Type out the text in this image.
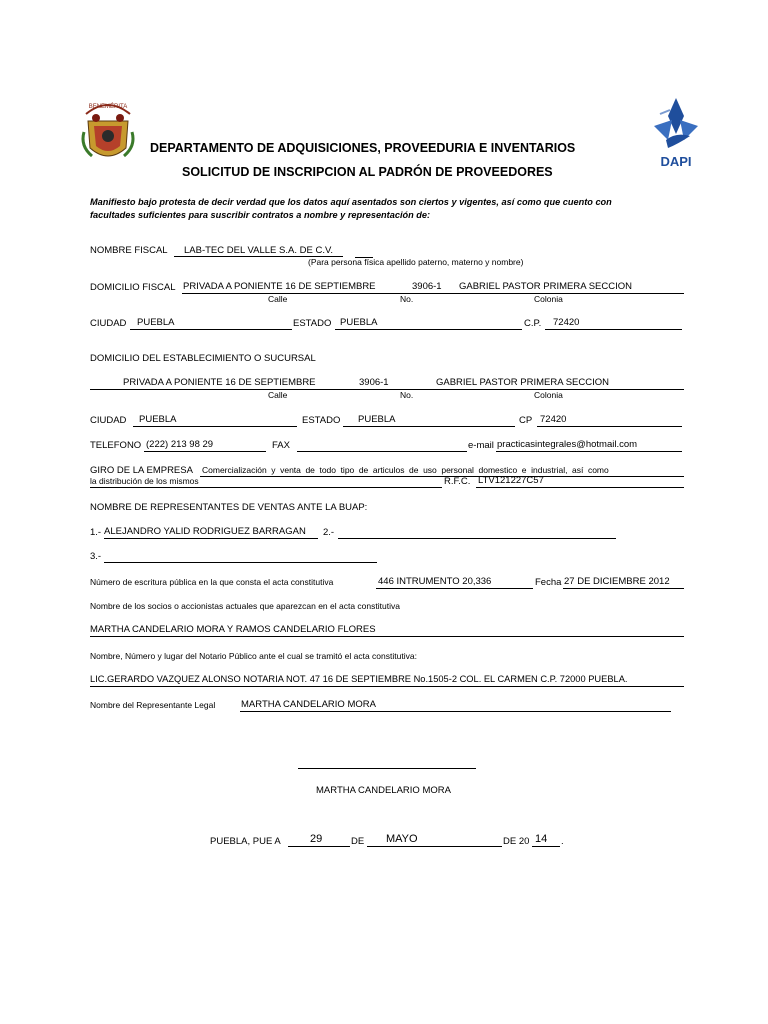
BENEMÉRITA
DAPI
DEPARTAMENTO DE ADQUISICIONES, PROVEEDURIA E INVENTARIOS
SOLICITUD DE INSCRIPCION AL PADRÓN DE PROVEEDORES
Manifiesto bajo protesta de decir verdad que los datos aquí asentados son ciertos y vigentes, así como que cuento con
facultades suficientes para suscribir contratos a nombre y representación de:
NOMBRE FISCAL	LAB-TEC DEL VALLE S.A. DE C.V.
(Para persona física apellido paterno, materno y nombre)
DOMICILIO FISCAL PRIVADA A PONIENTE 16 DE SEPTIEMBRE	3906-1 GABRIEL PASTOR PRIMERA SECCION
Calle	No.	Colonia
CIUDAD PUEBLA	ESTADO PUEBLA	C.P. 72420
DOMICILIO DEL ESTABLECIMIENTO O SUCURSAL
PRIVADA A PONIENTE 16 DE SEPTIEMBRE	3906-1	GABRIEL PASTOR PRIMERA SECCION
Calle	No.	Colonia
CIUDAD PUEBLA	ESTADO PUEBLA	CP 72420
TELEFONO (222) 213 98 29	FAX	e-mail practicasintegrales@hotmail.com
GIRO DE LA EMPRESA Comercialización y venta de todo tipo de articulos de uso personal domestico e industrial, así como
la distribución de los mismos	R.F.C. LTV121227C57
NOMBRE DE REPRESENTANTES DE VENTAS ANTE LA BUAP:
1.- ALEJANDRO YALID RODRIGUEZ BARRAGAN 2.-
3.-
Número de escritura pública en la que consta el acta constitutiva	446 INTRUMENTO 20,336	Fecha 27 DE DICIEMBRE 2012
Nombre de los socios o accionistas actuales que aparezcan en el acta constitutiva
MARTHA CANDELARIO MORA Y RAMOS CANDELARIO FLORES
Nombre, Número y lugar del Notario Público ante el cual se tramitó el acta constitutiva:
LIC.GERARDO VAZQUEZ ALONSO NOTARIA NOT. 47 16 DE SEPTIEMBRE No.1505-2 COL. EL CARMEN C.P. 72000 PUEBLA.
Nombre del Representante Legal	MARTHA CANDELARIO MORA
MARTHA CANDELARIO MORA
PUEBLA, PUE A	29	DE MAYO	DE 20 14 .
